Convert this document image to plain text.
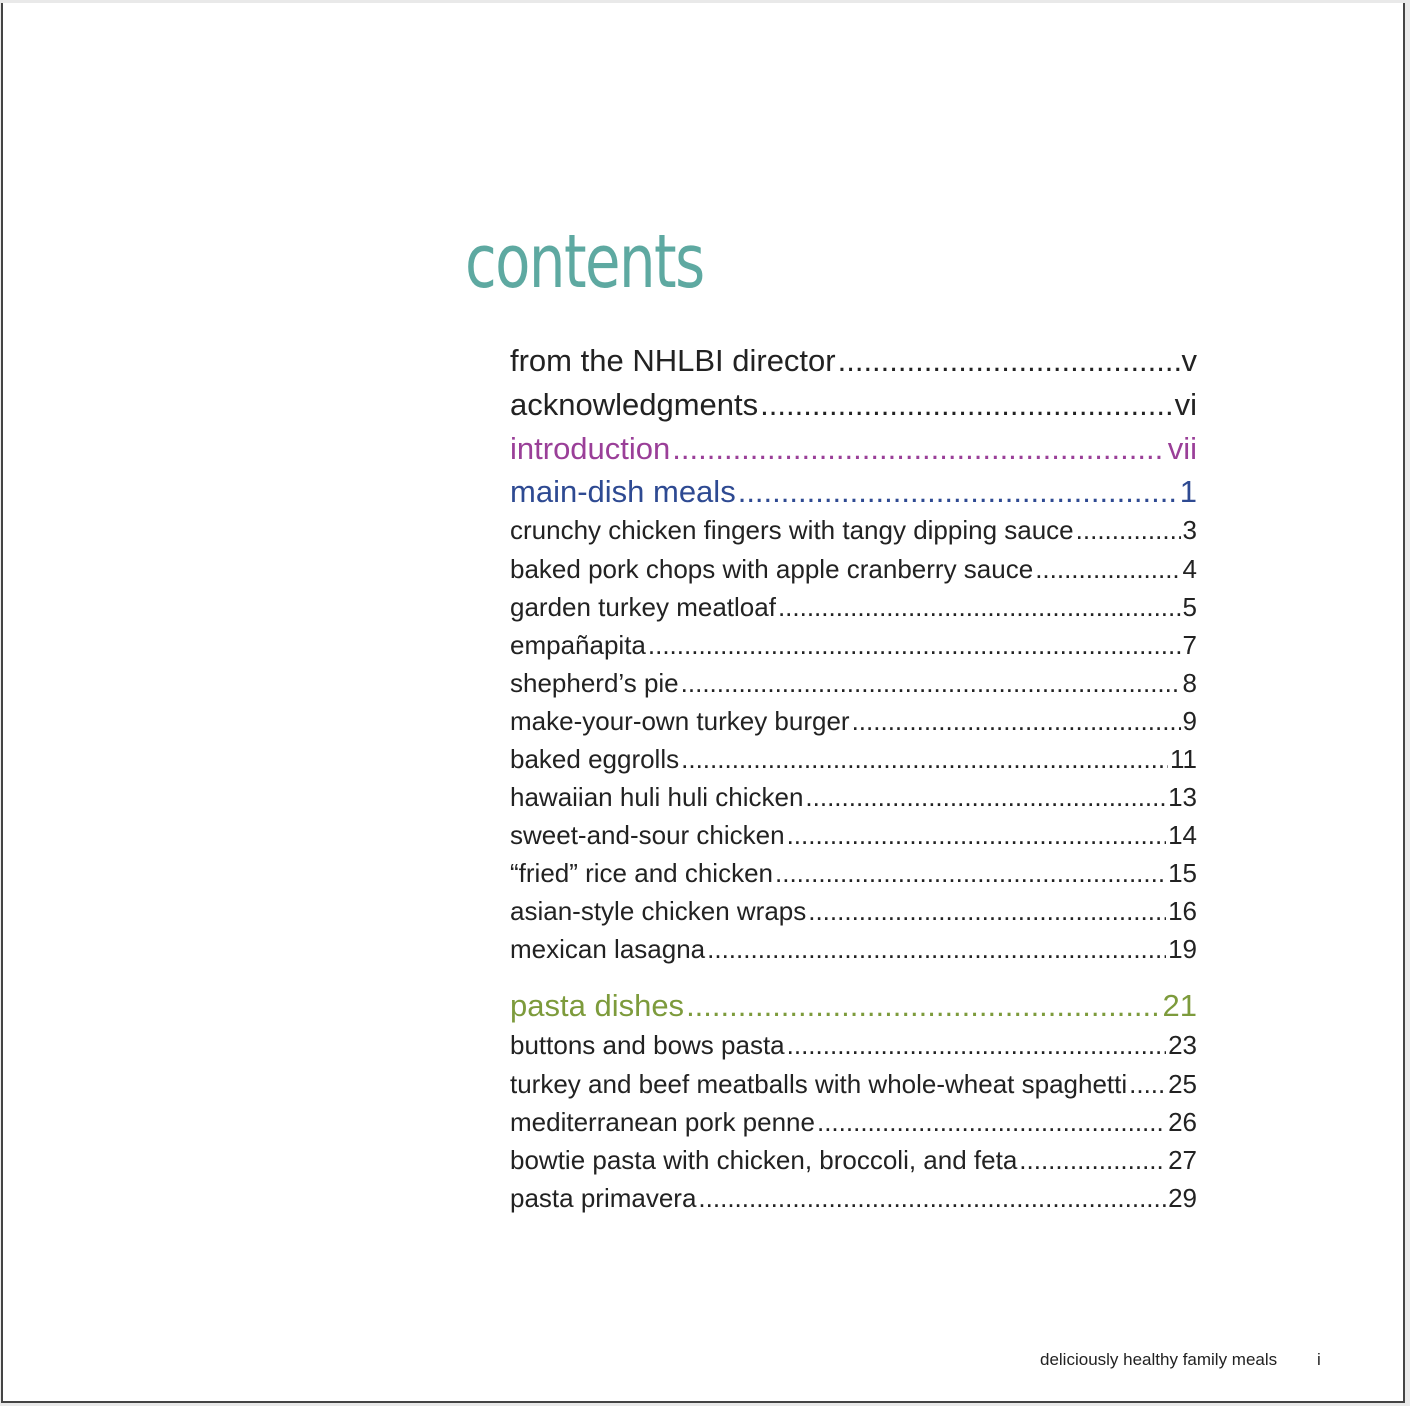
contents
from the NHLBI director .....	v
acknowledgments .....	vi
introduction .....	vii
main-dish meals .....	1
crunchy chicken fingers with tangy dipping sauce .....	3
baked pork chops with apple cranberry sauce .....	4
garden turkey meatloaf .....	5
empañapita .....	7
shepherd’s pie .....	8
make-your-own turkey burger .....	9
baked eggrolls .....	11
hawaiian huli huli chicken .....	13
sweet-and-sour chicken .....	14
“fried” rice and chicken .....	15
asian-style chicken wraps .....	16
mexican lasagna .....	19
pasta dishes .....	21
buttons and bows pasta .....	23
turkey and beef meatballs with whole-wheat spaghetti ..... 25
mediterranean pork penne .....	26
bowtie pasta with chicken, broccoli, and feta .....	27
pasta primavera .....	29
deliciously healthy family meals i
